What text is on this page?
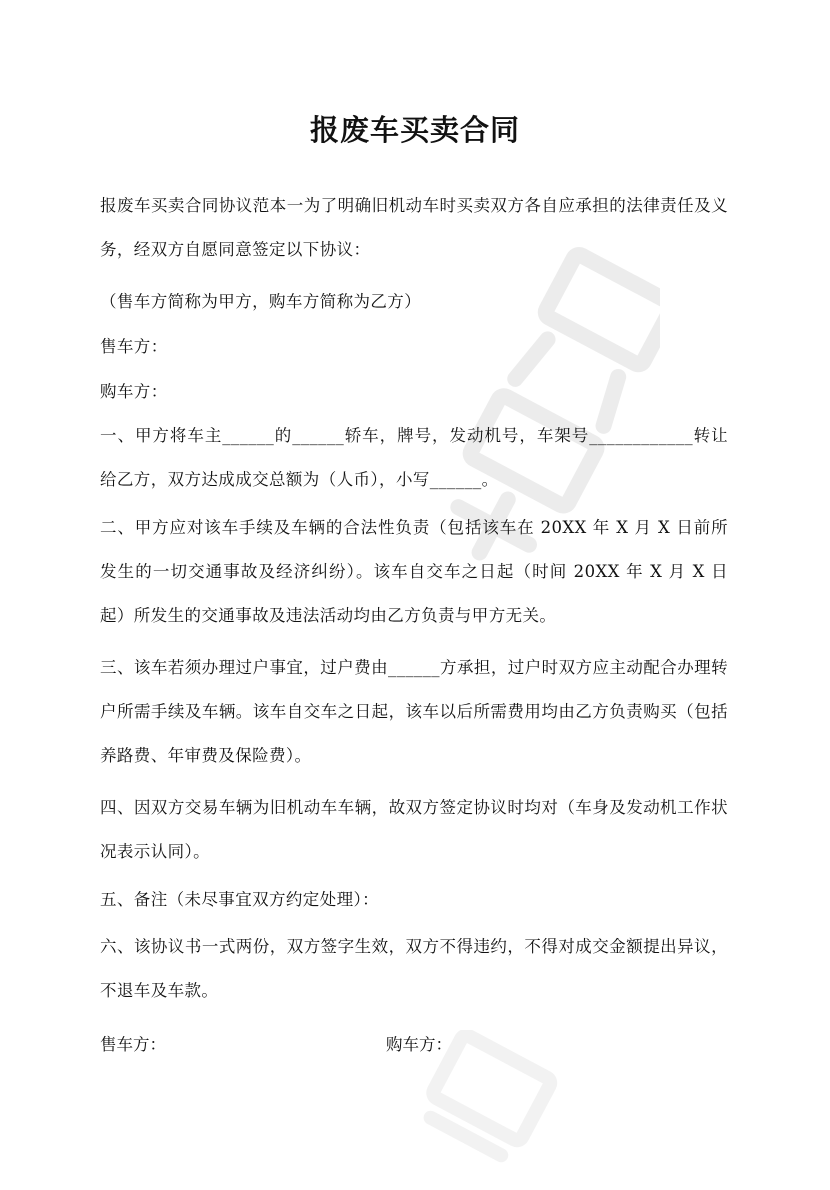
报废车买卖合同
报废车买卖合同协议范本一为了明确旧机动车时买卖双方各自应承担的法律责任及义务，经双方自愿同意签定以下协议：
（售车方简称为甲方，购车方简称为乙方）
售车方：
购车方：
一、甲方将车主______的______轿车，牌号，发动机号，车架号____________转让给乙方，双方达成成交总额为（人币），小写______。
二、甲方应对该车手续及车辆的合法性负责（包括该车在 20XX 年 X 月 X 日前所发生的一切交通事故及经济纠纷）。该车自交车之日起（时间 20XX 年 X 月 X 日起）所发生的交通事故及违法活动均由乙方负责与甲方无关。
三、该车若须办理过户事宜，过户费由______方承担，过户时双方应主动配合办理转户所需手续及车辆。该车自交车之日起，该车以后所需费用均由乙方负责购买（包括养路费、年审费及保险费）。
四、因双方交易车辆为旧机动车车辆，故双方签定协议时均对（车身及发动机工作状况表示认同）。
五、备注（未尽事宜双方约定处理）：
六、该协议书一式两份，双方签字生效，双方不得违约，不得对成交金额提出异议，不退车及车款。
售车方：	购车方：
